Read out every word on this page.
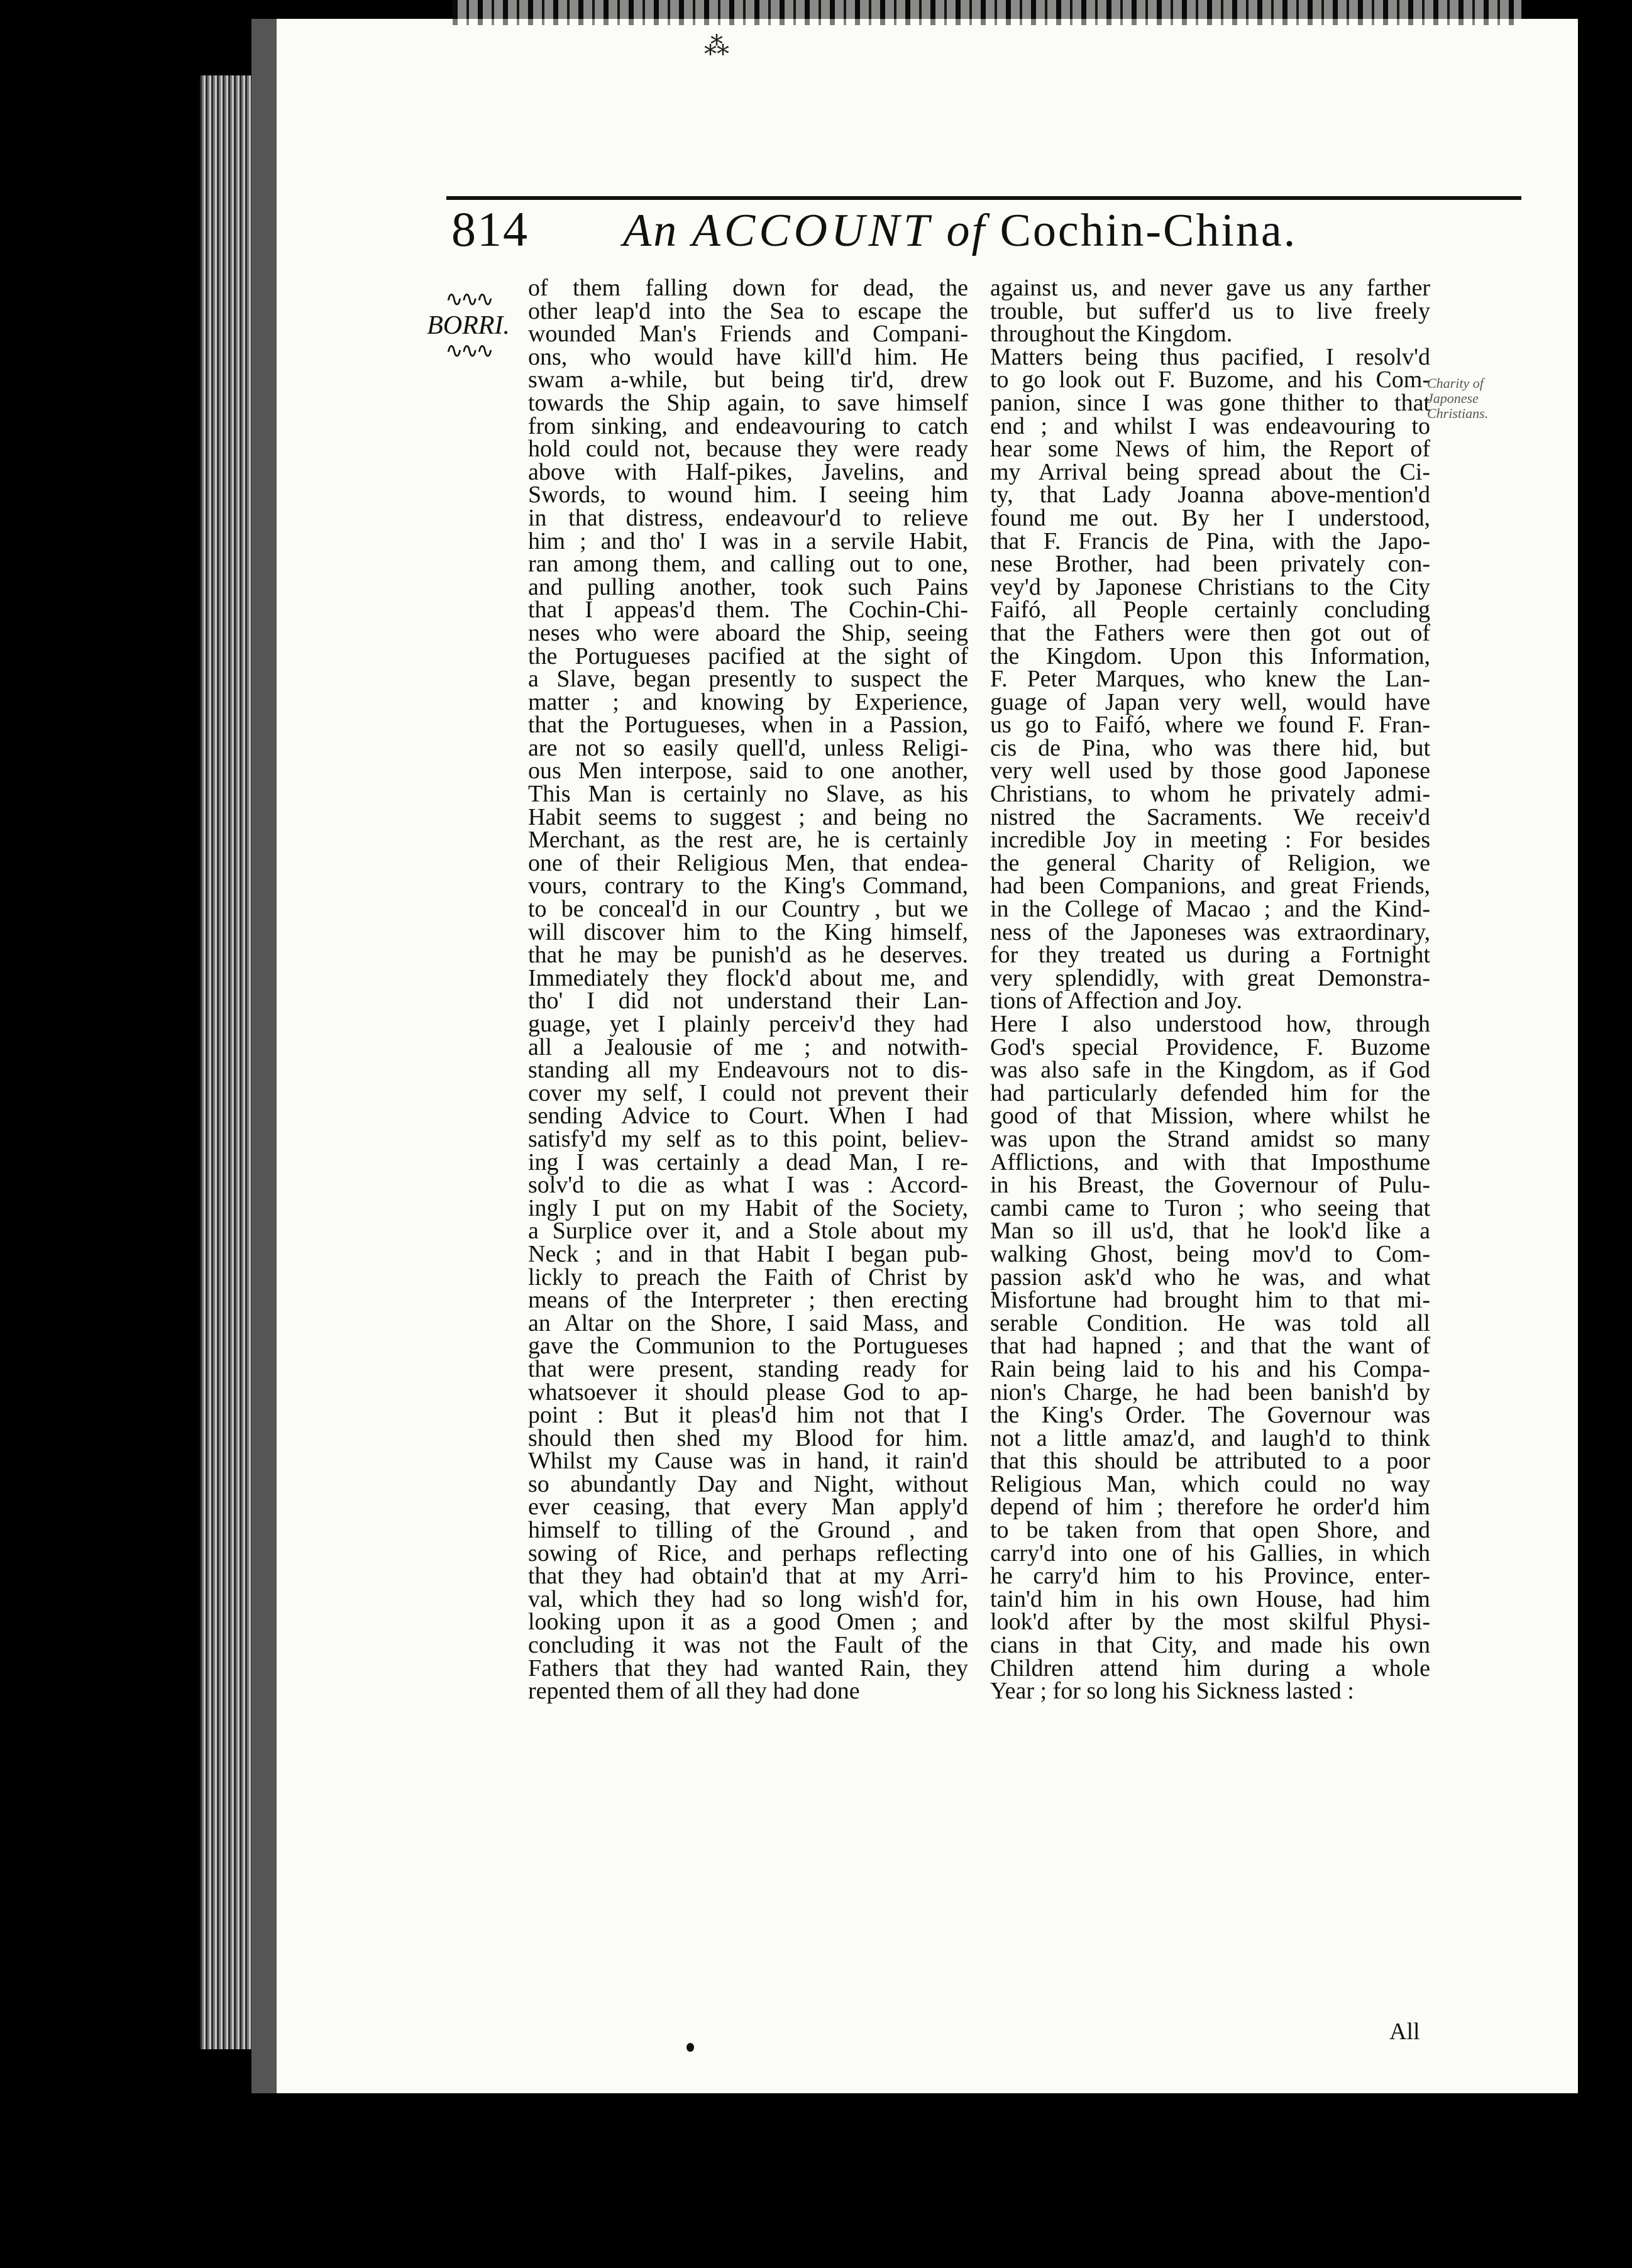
⁂
814 An ACCOUNT of Cochin-China.
∿∿∿
BORRI.
∿∿∿
of them falling down for dead, the
other leap'd into the Sea to escape the
wounded Man's Friends and Compani-
ons, who would have kill'd him. He
swam a-while, but being tir'd, drew
towards the Ship again, to save himself
from sinking, and endeavouring to catch
hold could not, because they were ready
above with Half-pikes, Javelins, and
Swords, to wound him. I seeing him
in that distress, endeavour'd to relieve
him ; and tho' I was in a servile Habit,
ran among them, and calling out to one,
and pulling another, took such Pains
that I appeas'd them. The Cochin-Chi-
neses who were aboard the Ship, seeing
the Portugueses pacified at the sight of
a Slave, began presently to suspect the
matter ; and knowing by Experience,
that the Portugueses, when in a Passion,
are not so easily quell'd, unless Religi-
ous Men interpose, said to one another,
This Man is certainly no Slave, as his
Habit seems to suggest ; and being no
Merchant, as the rest are, he is certainly
one of their Religious Men, that endea-
vours, contrary to the King's Command,
to be conceal'd in our Country , but we
will discover him to the King himself,
that he may be punish'd as he deserves.
Immediately they flock'd about me, and
tho' I did not understand their Lan-
guage, yet I plainly perceiv'd they had
all a Jealousie of me ; and notwith-
standing all my Endeavours not to dis-
cover my self, I could not prevent their
sending Advice to Court. When I had
satisfy'd my self as to this point, believ-
ing I was certainly a dead Man, I re-
solv'd to die as what I was : Accord-
ingly I put on my Habit of the Society,
a Surplice over it, and a Stole about my
Neck ; and in that Habit I began pub-
lickly to preach the Faith of Christ by
means of the Interpreter ; then erecting
an Altar on the Shore, I said Mass, and
gave the Communion to the Portugueses
that were present, standing ready for
whatsoever it should please God to ap-
point : But it pleas'd him not that I
should then shed my Blood for him.
Whilst my Cause was in hand, it rain'd
so abundantly Day and Night, without
ever ceasing, that every Man apply'd
himself to tilling of the Ground , and
sowing of Rice, and perhaps reflecting
that they had obtain'd that at my Arri-
val, which they had so long wish'd for,
looking upon it as a good Omen ; and
concluding it was not the Fault of the
Fathers that they had wanted Rain, they
repented them of all they had done
against us, and never gave us any farther
trouble, but suffer'd us to live freely
throughout the Kingdom.
Matters being thus pacified, I resolv'd
to go look out F. Buzome, and his Com-
panion, since I was gone thither to that
end ; and whilst I was endeavouring to
hear some News of him, the Report of
my Arrival being spread about the Ci-
ty, that Lady Joanna above-mention'd
found me out. By her I understood,
that F. Francis de Pina, with the Japo-
nese Brother, had been privately con-
vey'd by Japonese Christians to the City
Faifó, all People certainly concluding
that the Fathers were then got out of
the Kingdom. Upon this Information,
F. Peter Marques, who knew the Lan-
guage of Japan very well, would have
us go to Faifó, where we found F. Fran-
cis de Pina, who was there hid, but
very well used by those good Japonese
Christians, to whom he privately admi-
nistred the Sacraments. We receiv'd
incredible Joy in meeting : For besides
the general Charity of Religion, we
had been Companions, and great Friends,
in the College of Macao ; and the Kind-
ness of the Japoneses was extraordinary,
for they treated us during a Fortnight
very splendidly, with great Demonstra-
tions of Affection and Joy.
Here I also understood how, through
God's special Providence, F. Buzome
was also safe in the Kingdom, as if God
had particularly defended him for the
good of that Mission, where whilst he
was upon the Strand amidst so many
Afflictions, and with that Imposthume
in his Breast, the Governour of Pulu-
cambi came to Turon ; who seeing that
Man so ill us'd, that he look'd like a
walking Ghost, being mov'd to Com-
passion ask'd who he was, and what
Misfortune had brought him to that mi-
serable Condition. He was told all
that had hapned ; and that the want of
Rain being laid to his and his Compa-
nion's Charge, he had been banish'd by
the King's Order. The Governour was
not a little amaz'd, and laugh'd to think
that this should be attributed to a poor
Religious Man, which could no way
depend of him ; therefore he order'd him
to be taken from that open Shore, and
carry'd into one of his Gallies, in which
he carry'd him to his Province, enter-
tain'd him in his own House, had him
look'd after by the most skilful Physi-
cians in that City, and made his own
Children attend him during a whole
Year ; for so long his Sickness lasted :
Charity of Japonese Christians.
All
